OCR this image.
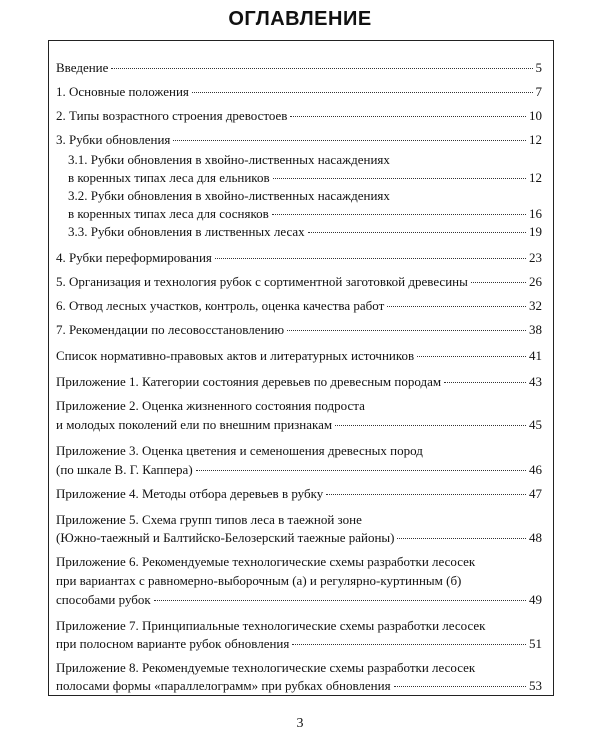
ОГЛАВЛЕНИЕ
Введение	5
1. Основные положения	7
2. Типы возрастного строения древостоев	10
3. Рубки обновления	12
3.1. Рубки обновления в хвойно-лиственных насаждениях
в коренных типах леса для ельников	12
3.2. Рубки обновления в хвойно-лиственных насаждениях
в коренных типах леса для сосняков	16
3.3. Рубки обновления в лиственных лесах	19
4. Рубки переформирования	23
5. Организация и технология рубок с сортиментной заготовкой древесины	26
6. Отвод лесных участков, контроль, оценка качества работ	32
7. Рекомендации по лесовосстановлению	38
Список нормативно-правовых актов и литературных источников	41
Приложение 1. Категории состояния деревьев по древесным породам	43
Приложение 2. Оценка жизненного состояния подроста
и молодых поколений ели по внешним признакам	45
Приложение 3. Оценка цветения и семеношения древесных пород
(по шкале В. Г. Каппера)	46
Приложение 4. Методы отбора деревьев в рубку	47
Приложение 5. Схема групп типов леса в таежной зоне
(Южно-таежный и Балтийско-Белозерский таежные районы)	48
Приложение 6. Рекомендуемые технологические схемы разработки лесосек
при вариантах с равномерно-выборочным (а) и регулярно-куртинным (б)
способами рубок	49
Приложение 7. Принципиальные технологические схемы разработки лесосек
при полосном варианте рубок обновления	51
Приложение 8. Рекомендуемые технологические схемы разработки лесосек
полосами формы «параллелограмм» при рубках обновления	53
3
